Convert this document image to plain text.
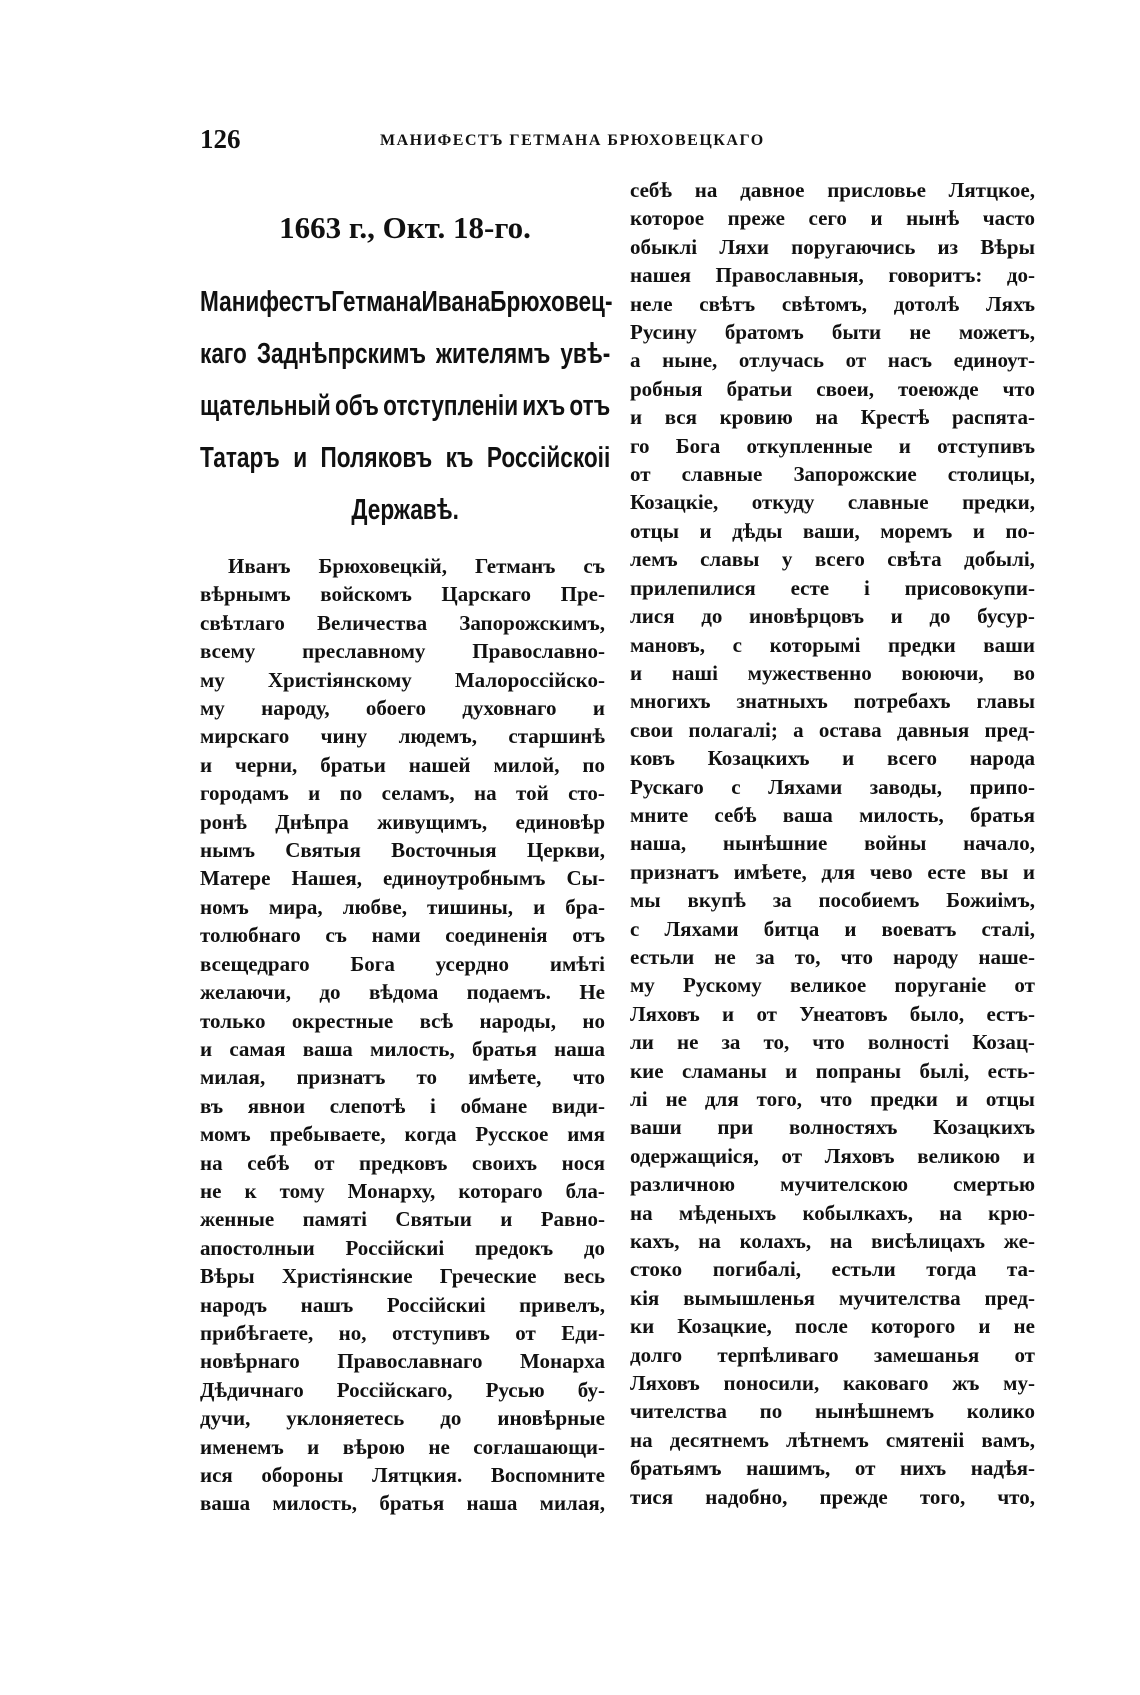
126	МАНИФЕСТЪ ГЕТМАНА БРЮХОВЕЦКАГО
1663 г., Окт. 18-го.
Манифестъ Гетмана Ивана Брюховец-
каго Заднѣпрскимъ жителямъ увѣ-
щательный объ отступленіи ихъ отъ
Татаръ и Поляковъ къ Россійскоіі
Державѣ.
Иванъ Брюховецкій, Гетманъ съ
вѣрнымъ войскомъ Царскаго Пре-
свѣтлаго Величества Запорожскимъ,
всему преславному Православно-
му Христіянскому Малороссійско-
му народу, обоего духовнаго и
мирскаго чину людемъ, старшинѣ
и черни, братьи нашей милой, по
городамъ и по селамъ, на той сто-
ронѣ Днѣпра живущимъ, единовѣр
нымъ Святыя Восточныя Церкви,
Матере Нашея, единоутробнымъ Сы-
номъ мира, любве, тишины, и бра-
толюбнаго съ нами соединенія отъ
всещедраго Бога усердно имѣті
желаючи, до вѣдома подаемъ. Не
только окрестные всѣ народы, но
и самая ваша милость, братья наша
милая, признатъ то имѣете, что
въ явнои слепотѣ і обмане види-
момъ пребываете, когда Русское имя
на себѣ от предковъ своихъ нося
не к тому Монарху, котораго бла-
женные памяті Святыи и Равно-
апостолныи Россійскиі предокъ до
Вѣры Христіянские Греческие весь
народъ нашъ Россійскиі привелъ,
прибѣгаете, но, отступивъ от Еди-
новѣрнаго Православнаго Монарха
Дѣдичнаго Россійскаго, Русью бу-
дучи, уклоняетесь до иновѣрные
именемъ и вѣрою не соглашающи-
ися обороны Лятцкия. Воспомните
ваша милость, братья наша милая,
себѣ на давное присловье Лятцкое,
которое преже сего и нынѣ часто
обыклі Ляхи поругаючись из Вѣры
нашея Православныя, говоритъ: до-
неле свѣтъ свѣтомъ, дотолѣ Ляхъ
Русину братомъ быти не можетъ,
а ныне, отлучась от насъ единоут-
робныя братьи своеи, тоеюжде что
и вся кровию на Крестѣ распята-
го Бога откупленные и отступивъ
от славные Запорожские столицы,
Козацкіе, откуду славные предки,
отцы и дѣды ваши, моремъ и по-
лемъ славы у всего свѣта добылі,
прилепилися есте і присовокупи-
лися до иновѣрцовъ и до бусур-
мановъ, с которымі предки ваши
и нашi мужественно воюючи, во
многихъ знатныхъ потребахъ главы
свои полагалі; а остава давныя пред-
ковъ Козацкихъ и всего народа
Рускаго с Ляхами заводы, припо-
мните себѣ ваша милость, братья
наша, нынѣшние войны начало,
признатъ имѣете, для чево есте вы и
мы вкупѣ за пособиемъ Божиімъ,
с Ляхами битца и воеватъ сталі,
естьли не за то, что народу наше-
му Рускому великое поруганіе от
Ляховъ и от Унеатовъ было, естъ-
ли не за то, что волності Козац-
кие сламаны и попраны былі, есть-
лі не для того, что предки и отцы
ваши при волностяхъ Козацкихъ
одержащиіся, от Ляховъ великою и
различною мучителскою смертью
на мѣденыхъ кобылкахъ, на крю-
кахъ, на колахъ, на висѣлицахъ же-
стоко погибалі, естьли тогда та-
кія вымышленья мучителства пред-
ки Козацкие, после которого и не
долго терпѣливаго замешанья от
Ляховъ поносили, каковаго жъ му-
чителства по нынѣшнемъ колико
на десятнемъ лѣтнемъ смятенiі вамъ,
братьямъ нашимъ, от нихъ надѣя-
тися надобно, прежде того, что,
